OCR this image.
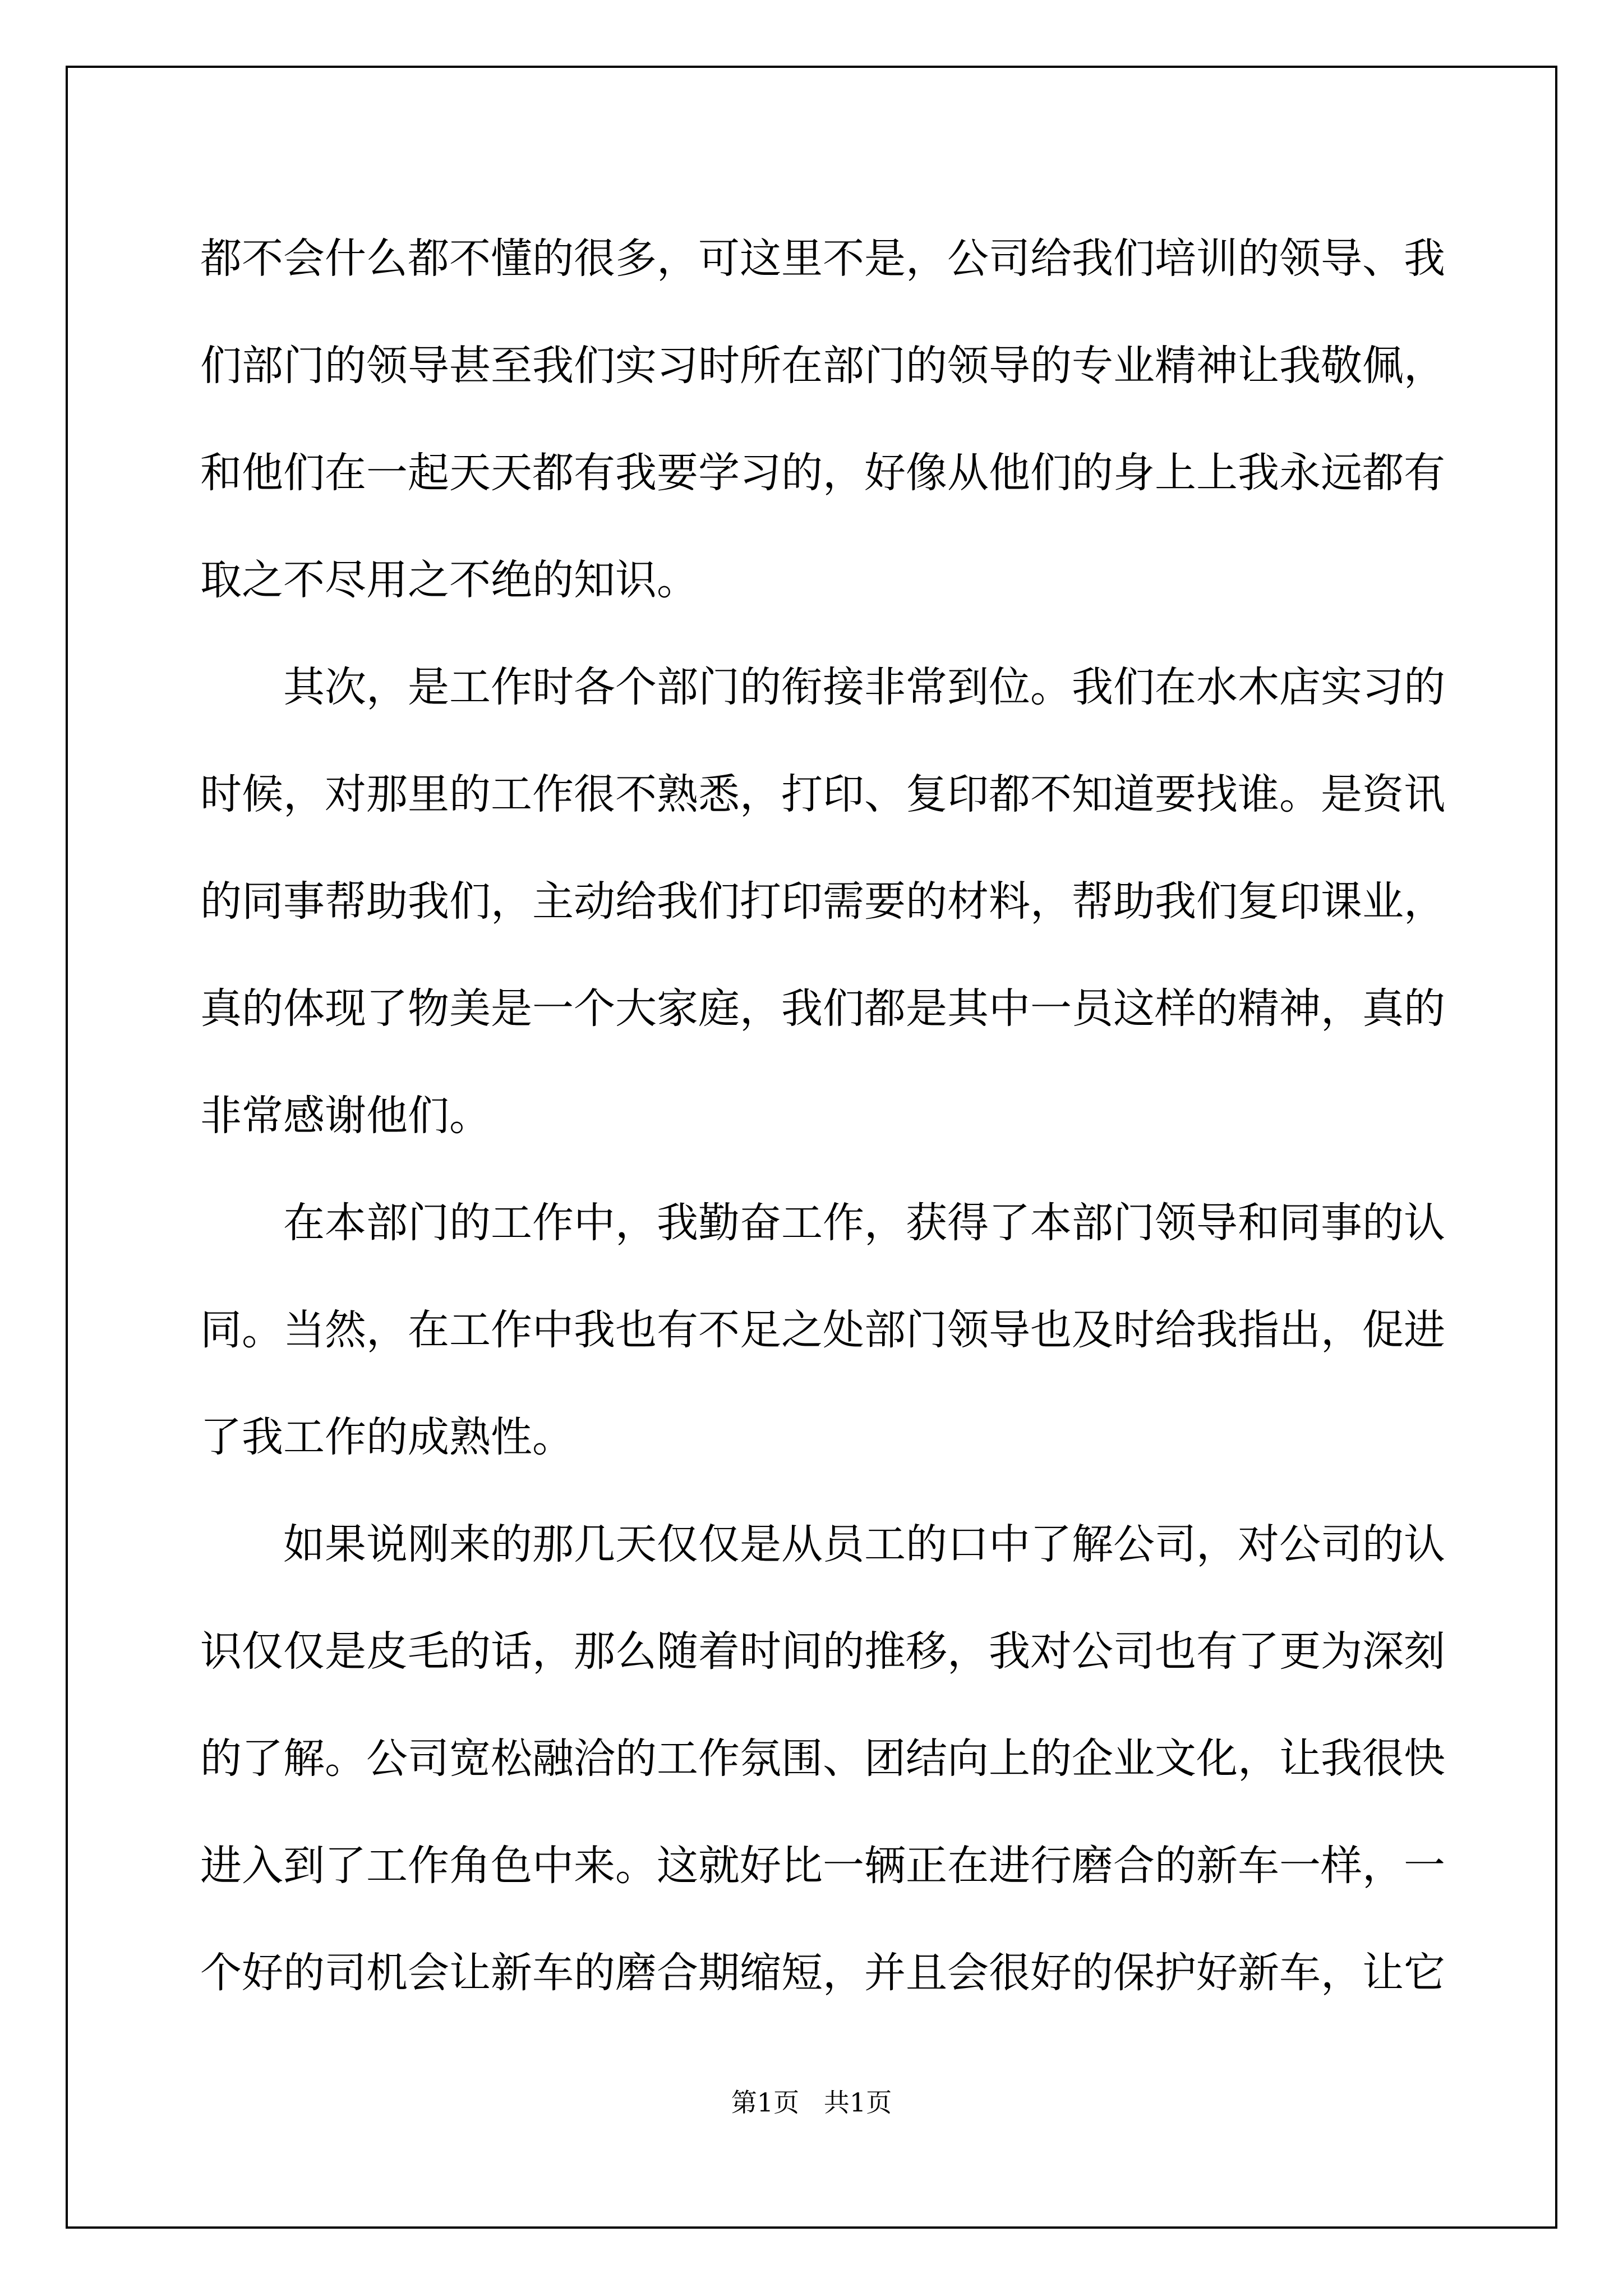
都不会什么都不懂的很多，可这里不是，公司给我们培训的领导、我
们部门的领导甚至我们实习时所在部门的领导的专业精神让我敬佩，
和他们在一起天天都有我要学习的，好像从他们的身上上我永远都有
取之不尽用之不绝的知识。
其次，是工作时各个部门的衔接非常到位。我们在水木店实习的
时候，对那里的工作很不熟悉，打印、复印都不知道要找谁。是资讯
的同事帮助我们，主动给我们打印需要的材料，帮助我们复印课业，
真的体现了物美是一个大家庭，我们都是其中一员这样的精神，真的
非常感谢他们。
在本部门的工作中，我勤奋工作，获得了本部门领导和同事的认
同。当然，在工作中我也有不足之处部门领导也及时给我指出，促进
了我工作的成熟性。
如果说刚来的那几天仅仅是从员工的口中了解公司，对公司的认
识仅仅是皮毛的话，那么随着时间的推移，我对公司也有了更为深刻
的了解。公司宽松融洽的工作氛围、团结向上的企业文化，让我很快
进入到了工作角色中来。这就好比一辆正在进行磨合的新车一样，一
个好的司机会让新车的磨合期缩短，并且会很好的保护好新车，让它
第1页   共1页
